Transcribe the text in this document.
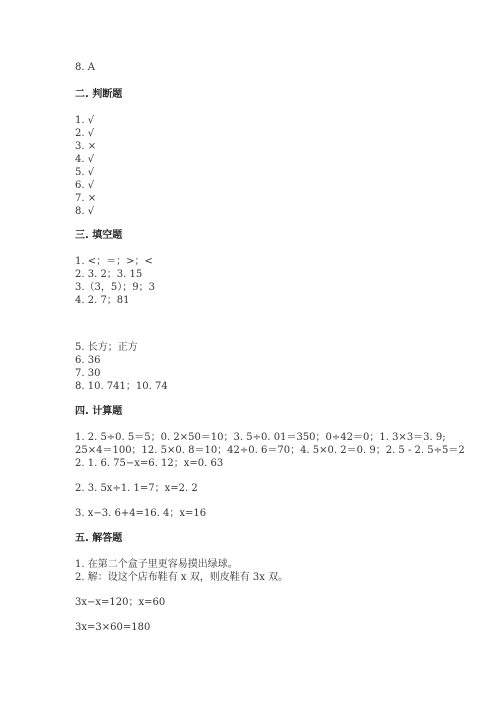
8. A
二. 判断题
1. √
2. √
3. ×
4. √
5. √
6. √
7. ×
8. √
三. 填空题
1. <；＝；>；<
2. 3. 2；3. 15
3.（3，5）；9；3
4. 2. 7；81
5. 长方；正方
6. 36
7. 30
8. 10. 741；10. 74
四. 计算题
1. 2. 5÷0. 5＝5；0. 2×50＝10；3. 5÷0. 01＝350；0÷42＝0；1. 3×3＝3. 9;
25×4＝100；12. 5×0. 8＝10；42÷0. 6＝70；4. 5×0. 2＝0. 9；2. 5 - 2. 5÷5＝2
2. 1. 6. 75−x=6. 12；x=0. 63
2. 3. 5x÷1. 1=7；x=2. 2
3. x−3. 6+4=16. 4；x=16
五. 解答题
1. 在第二个盒子里更容易摸出绿球。
2. 解：设这个店布鞋有 x 双，则皮鞋有 3x 双。
3x−x=120；x=60
3x=3×60=180
